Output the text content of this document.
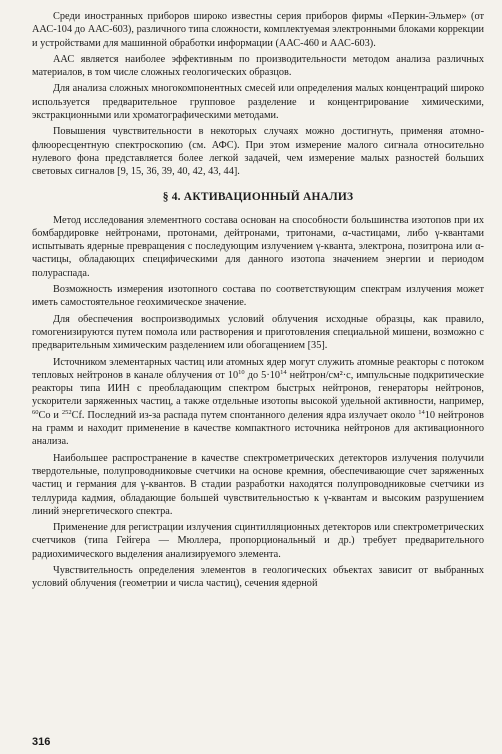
Среди иностранных приборов широко известны серия приборов фирмы «Перкин-Эльмер» (от ААС-104 до ААС-603), различного типа сложности, комплектуемая электронными блоками коррекции и устройствами для машинной обработки информации (ААС-460 и ААС-603).

ААС является наиболее эффективным по производительности методом анализа различных материалов, в том числе сложных геологических образцов.

Для анализа сложных многокомпонентных смесей или определения малых концентраций широко используется предварительное групповое разделение и концентрирование химическими, экстракционными или хроматографическими методами.

Повышения чувствительности в некоторых случаях можно достигнуть, применяя атомно-флюоресцентную спектроскопию (см. АФС). При этом измерение малого сигнала относительно нулевого фона представляется более легкой задачей, чем измерение малых разностей больших световых сигналов [9, 15, 36, 39, 40, 42, 43, 44].

§ 4. АКТИВАЦИОННЫЙ АНАЛИЗ

Метод исследования элементного состава основан на способности большинства изотопов при их бомбардировке нейтронами, протонами, дейтронами, тритонами, α-частицами, либо γ-квантами испытывать ядерные превращения с последующим излучением γ-кванта, электрона, позитрона или α-частицы, обладающих специфическими для данного изотопа значением энергии и периодом полураспада.

Возможность измерения изотопного состава по соответствующим спектрам излучения может иметь самостоятельное геохимическое значение.

Для обеспечения воспроизводимых условий облучения исходные образцы, как правило, гомогенизируются путем помола или растворения и приготовления специальной мишени, возможно с предварительным химическим разделением или обогащением [35].

Источником элементарных частиц или атомных ядер могут служить атомные реакторы с потоком тепловых нейтронов в канале облучения от $10^{10}$ до $5\cdot 10^{14}$ нейтрон/см²·с, импульсные подкритические реакторы типа ИИН с преобладающим спектром быстрых нейтронов, генераторы нейтронов, ускорители заряженных частиц, а также отдельные изотопы высокой удельной активности, например, $^{60}$Co и $^{252}$Cf. Последний из-за распада путем спонтанного деления ядра излучает около $^{14}$10 нейтронов на грамм и находит применение в качестве компактного источника нейтронов для активационного анализа.

Наибольшее распространение в качестве спектрометрических детекторов излучения получили твердотельные, полупроводниковые счетчики на основе кремния, обеспечивающие счет заряженных частиц и германия для γ-квантов. В стадии разработки находятся полупроводниковые счетчики из теллурида кадмия, обладающие большей чувствительностью к γ-квантам и высоким разрушением линий энергетического спектра.

Применение для регистрации излучения сцинтилляционных детекторов или спектрометрических счетчиков (типа Гейгера — Мюллера, пропорциональный и др.) требует предварительного радиохимического выделения анализируемого элемента.

Чувствительность определения элементов в геологических объектах зависит от выбранных условий облучения (геометрии и числа частиц), сечения ядерной

316
